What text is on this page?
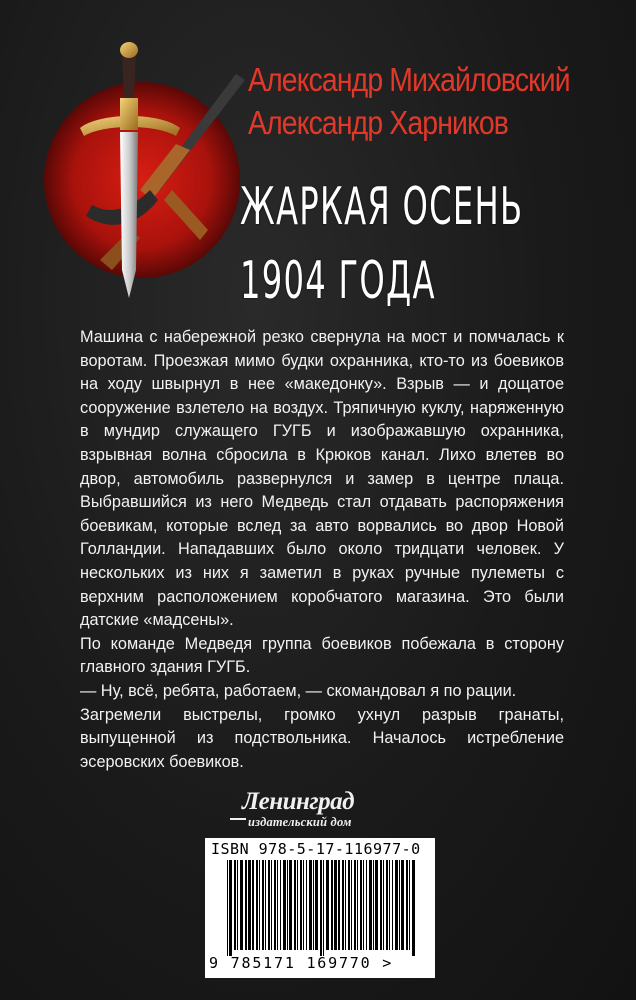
Александр Михайловский
Александр Харников
ЖАРКАЯ ОСЕНЬ
1904 ГОДА

Машина с набережной резко свернула на мост и помчалась к воротам. Проезжая мимо будки охранника, кто-то из боевиков на ходу швырнул в нее «македонку». Взрыв — и дощатое сооружение взлетело на воздух. Тряпичную куклу, наряженную в мундир служащего ГУГБ и изображавшую охранника, взрывная волна сбросила в Крюков канал. Лихо влетев во двор, автомобиль развернулся и замер в центре плаца. Выбравшийся из него Медведь стал отдавать распоряжения боевикам, которые вслед за авто ворвались во двор Новой Голландии. Нападавших было около тридцати человек. У нескольких из них я заметил в руках ручные пулеметы с верхним расположением коробчатого магазина. Это были датские «мадсены».

По команде Медведя группа боевиков побежала в сторону главного здания ГУГБ.

— Ну, всё, ребята, работаем, — скомандовал я по рации.

Загремели выстрелы, громко ухнул разрыв гранаты, выпущенной из подствольника. Началось истребление эсеровских боевиков.

Ленинград
издательский дом
ISBN 978-5-17-116977-0
9 785171 169770 >
